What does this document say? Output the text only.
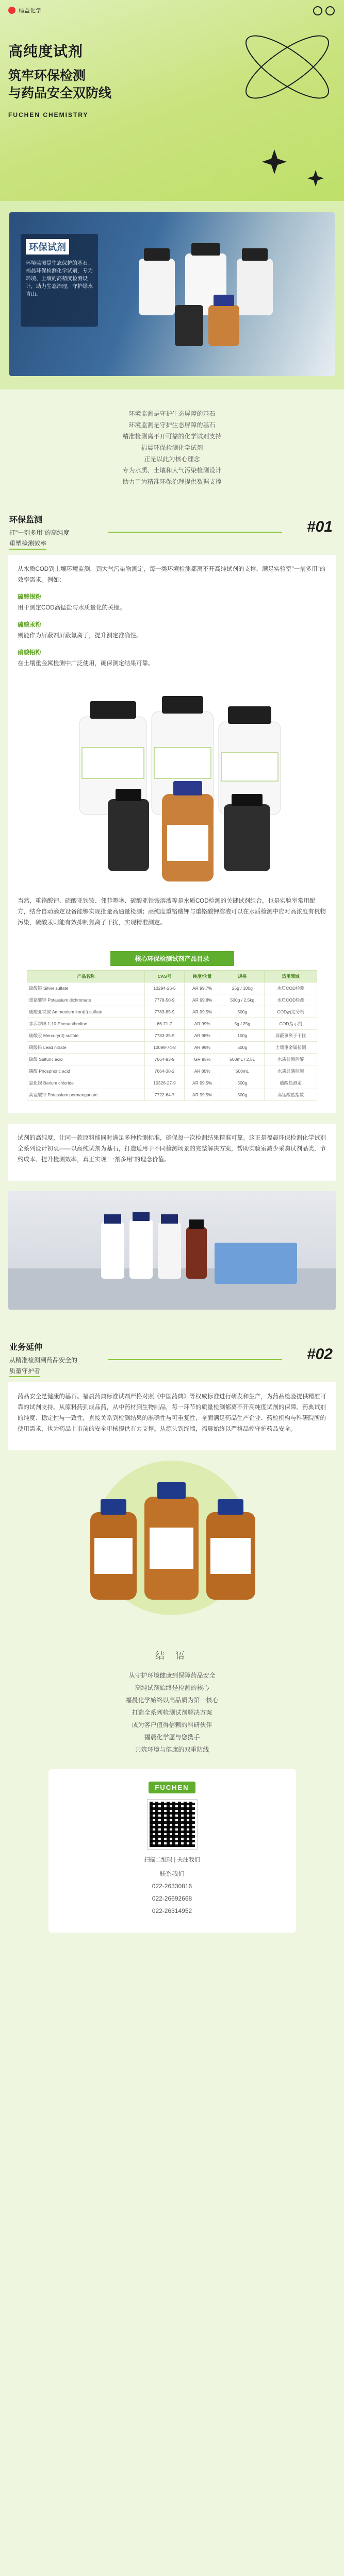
畅益化学
高纯度试剂
筑牢环保检测
与药品安全双防线
FUCHEN CHEMISTRY
环保试剂

环境监测是生态保护的基石。福晨环保检测化学试剂，专为环境、土壤的高精度检测设计，助力生态治理，守护绿水青山。

环境监测是守护生态屏障的基石

环境监测是守护生态屏障的基石

精准检测离不开可靠的化学试剂支持

福晨环保检测化学试剂

正是以此为核心理念

专为水质、土壤和大气污染检测设计

助力于为精准环保治理提供数据支撑

环保监测
打"一剂多用"的高纯度
重塑检测效率
#01

从水质COD到土壤环境监测，到大气污染物测定，每一类环境检测都离不开高纯试剂的支撑，满足实验室"一剂多用"的效率需求。例如：

硫酸银粉

用于测定COD高锰盐与水质量化的关键。

硫酸汞粉

则能作为屏蔽剂屏蔽氯离子，提升测定准确性。

硝酸铅粉

在土壤重金属检测中广泛使用，确保测定结果可靠。

当然，重铬酸钾、硫酸亚铁铵、邻菲啰啉、硫酸亚铁铵溶液等是水质COD检测的关键试剂组合，也是实验室常用配方，结合自动滴定设备能够实现批量高通量检测；高纯度重铬酸钾与重铬酸钾溶液可以在水质检测中应对高浓度有机物污染，硫酸汞则能有效抑制氯离子干扰，实现精准测定。

核心环保检测试剂产品目录
产品名称	CAS号	纯度/含量	规格	适用领域
硫酸银 Silver sulfate	10294-26-5	AR 99.7%	25g / 100g	水质COD检测
重铬酸钾 Potassium dichromate	7778-50-9	AR 99.8%	500g / 2.5kg	水质COD检测
硫酸亚铁铵 Ammonium iron(II) sulfate	7783-85-9	AR 99.5%	500g	COD滴定分析
邻菲啰啉 1,10-Phenanthroline	66-71-7	AR 99%	5g / 25g	COD指示剂
硫酸汞 Mercury(II) sulfate	7783-35-9	AR 98%	100g	屏蔽氯离子干扰
硝酸铅 Lead nitrate	10099-74-8	AR 99%	500g	土壤重金属检测
硫酸 Sulfuric acid	7664-93-9	GR 98%	500mL / 2.5L	水质检测消解
磷酸 Phosphoric acid	7664-38-2	AR 85%	500mL	水质总磷检测
氯化钡 Barium chloride	10326-27-9	AR 99.5%	500g	硫酸盐测定
高锰酸钾 Potassium permanganate	7722-64-7	AR 99.5%	500g	高锰酸盐指数

试剂的高纯度，让同一款原料能同时满足多种检测标准，确保每一次检测结果精准可靠。这正是福晨环保检测化学试剂全系列设计初衷——以高纯试剂为基石，打造适用于不同检测场景的完整解决方案，帮助实验室减少采购试剂品类，节约成本、提升检测效率，真正实现"一剂多用"的理念价值。

业务延伸
从精准检测到药品安全的
质量守护者
#02

药品安全是健康的基石。福晨药典标准试剂严格对照《中国药典》等权威标准进行研发和生产，为药品检验提供精准可靠的试剂支持。从原料药到成品药，从中药材到生物制品，每一环节的质量检测都离不开高纯度试剂的保障。药典试剂的纯度、稳定性与一致性，直接关系到检测结果的准确性与可重复性，全面满足药品生产企业、药检机构与科研院所的使用需求，也为药品上市前的安全审核提供有力支撑。从源头到终端，福晨始终以严格品控守护药品安全。

结 语

从守护环境健康到保障药品安全

高纯试剂始终是检测的核心

福晨化学始终以高品质为第一核心

打造全系列检测试剂解决方案

成为客户值得信赖的科研伙伴

福晨化学愿与您携手

共筑环境与健康的双重防线

FUCHEN
扫描二维码 | 关注我们

联系我们

022-26330816

022-26692668

022-26314952
